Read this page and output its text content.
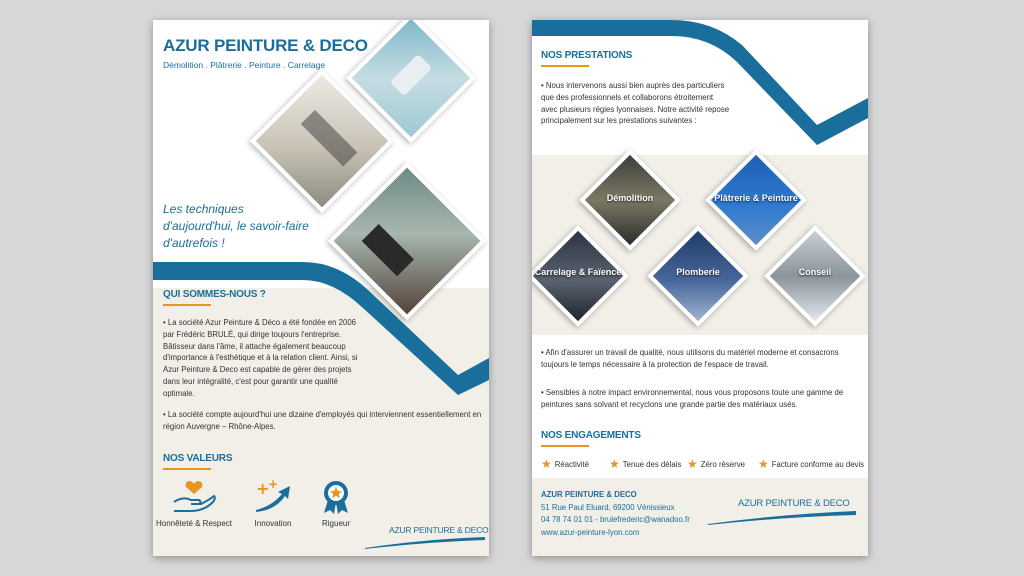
AZUR PEINTURE & DECO
Démolition . Plâtrerie . Peinture . Carrelage
Les techniques
d'aujourd'hui, le savoir-faire
d'autrefois !
QUI SOMMES-NOUS ?
• La société Azur Peinture & Déco a été fondée en 2006 par Frédéric BRULÉ, qui dirige toujours l'entreprise. Bâtisseur dans l'âme, il attache également beaucoup d'importance à l'esthétique et à la relation client. Ainsi, si Azur Peinture & Deco est capable de gérer des projets dans leur intégralité, c'est pour garantir une qualité optimale.
• La société compte aujourd'hui une dizaine d'employés qui interviennent essentiellement en région Auvergne – Rhône-Alpes.
NOS VALEURS
Honnêteté & Respect
+
+
Innovation	Rigueur
AZUR PEINTURE & DECO
NOS PRESTATIONS
• Nous intervenons aussi bien auprès des particuliers que des professionnels et collaborons étroitement avec plusieurs régies lyonnaises. Notre activité repose principalement sur les prestations suivantes :
Démolition	Plâtrerie & Peinture
Carrelage & Faïence	Plomberie	Conseil
• Afin d'assurer un travail de qualité, nous utilisons du matériel moderne et consacrons toujours le temps nécessaire à la protection de l'espace de travail.
• Sensibles à notre impact environnemental, nous vous proposons toute une gamme de peintures sans solvant et recyclons une grande partie des matériaux usés.
NOS ENGAGEMENTS
★ Réactivité ★ Tenue des délais ★ Zéro réserve ★ Facture conforme au devis
AZUR PEINTURE & DECO
51 Rue Paul Eluard, 69200 Vénissieux
04 78 74 01 01 - brulefrederic@wanadoo.fr
www.azur-peinture-lyon.com
AZUR PEINTURE & DECO
